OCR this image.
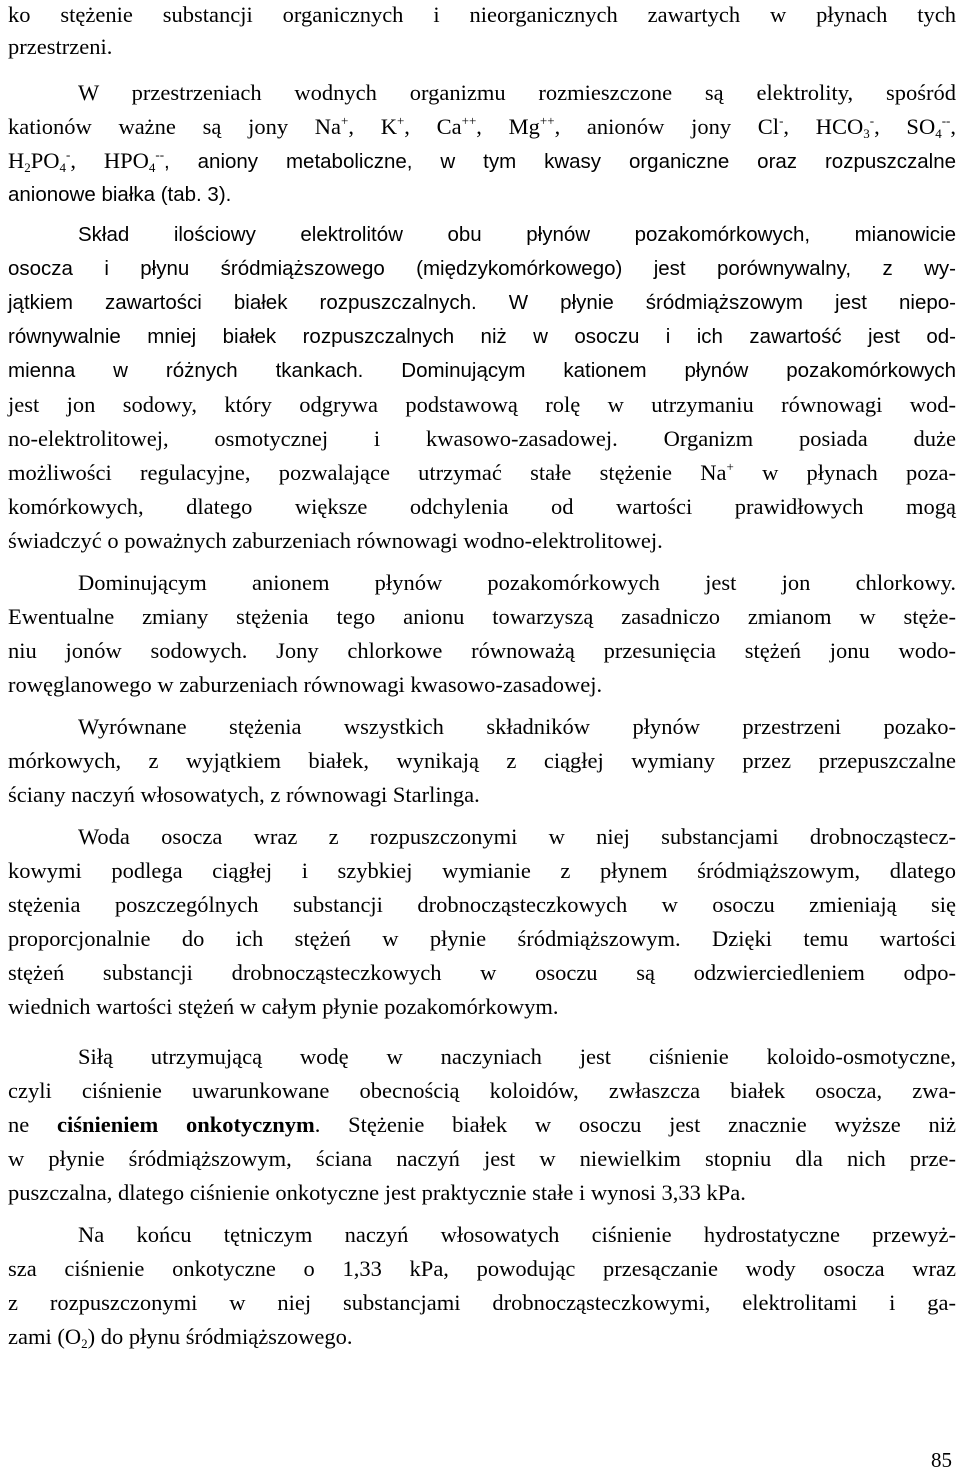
ko stężenie substancji organicznych i nieorganicznych zawartych w płynach tych
przestrzeni.
W przestrzeniach wodnych organizmu rozmieszczone są elektrolity, spośród
kationów ważne są jony Na+, K+, Ca++, Mg++, anionów jony Cl-, $HCO_3^-$, $SO_4^{--}$,
$H_2PO_4^-$, $HPO_4^{--}$, aniony metaboliczne, w tym kwasy organiczne oraz rozpuszczalne
anionowe białka (tab. 3).
Skład ilościowy elektrolitów obu płynów pozakomórkowych, mianowicie
osocza i płynu śródmiąższowego (międzykomórkowego) jest porównywalny, z wy-
jątkiem zawartości białek rozpuszczalnych. W płynie śródmiąższowym jest niepo-
równywalnie mniej białek rozpuszczalnych niż w osoczu i ich zawartość jest od-
mienna w różnych tkankach. Dominującym kationem płynów pozakomórkowych
jest jon sodowy, który odgrywa podstawową rolę w utrzymaniu równowagi wod-
no-elektrolitowej, osmotycznej i kwasowo-zasadowej. Organizm posiada duże
możliwości regulacyjne, pozwalające utrzymać stałe stężenie Na+ w płynach poza-
komórkowych, dlatego większe odchylenia od wartości prawidłowych mogą
świadczyć o poważnych zaburzeniach równowagi wodno-elektrolitowej.
Dominującym anionem płynów pozakomórkowych jest jon chlorkowy.
Ewentualne zmiany stężenia tego anionu towarzyszą zasadniczo zmianom w stęże-
niu jonów sodowych. Jony chlorkowe równoważą przesunięcia stężeń jonu wodo-
rowęglanowego w zaburzeniach równowagi kwasowo-zasadowej.
Wyrównane stężenia wszystkich składników płynów przestrzeni pozako-
mórkowych, z wyjątkiem białek, wynikają z ciągłej wymiany przez przepuszczalne
ściany naczyń włosowatych, z równowagi Starlinga.
Woda osocza wraz z rozpuszczonymi w niej substancjami drobnocząstecz-
kowymi podlega ciągłej i szybkiej wymianie z płynem śródmiąższowym, dlatego
stężenia poszczególnych substancji drobnocząsteczkowych w osoczu zmieniają się
proporcjonalnie do ich stężeń w płynie śródmiąższowym. Dzięki temu wartości
stężeń substancji drobnocząsteczkowych w osoczu są odzwierciedleniem odpo-
wiednich wartości stężeń w całym płynie pozakomórkowym.
Siłą utrzymującą wodę w naczyniach jest ciśnienie koloido-osmotyczne,
czyli ciśnienie uwarunkowane obecnością koloidów, zwłaszcza białek osocza, zwa-
ne ciśnieniem onkotycznym. Stężenie białek w osoczu jest znacznie wyższe niż
w płynie śródmiąższowym, ściana naczyń jest w niewielkim stopniu dla nich prze-
puszczalna, dlatego ciśnienie onkotyczne jest praktycznie stałe i wynosi 3,33 kPa.
Na końcu tętniczym naczyń włosowatych ciśnienie hydrostatyczne przewyż-
sza ciśnienie onkotyczne o 1,33 kPa, powodując przesączanie wody osocza wraz
z rozpuszczonymi w niej substancjami drobnocząsteczkowymi, elektrolitami i ga-
zami $(O_2)$ do płynu śródmiąższowego.
85
